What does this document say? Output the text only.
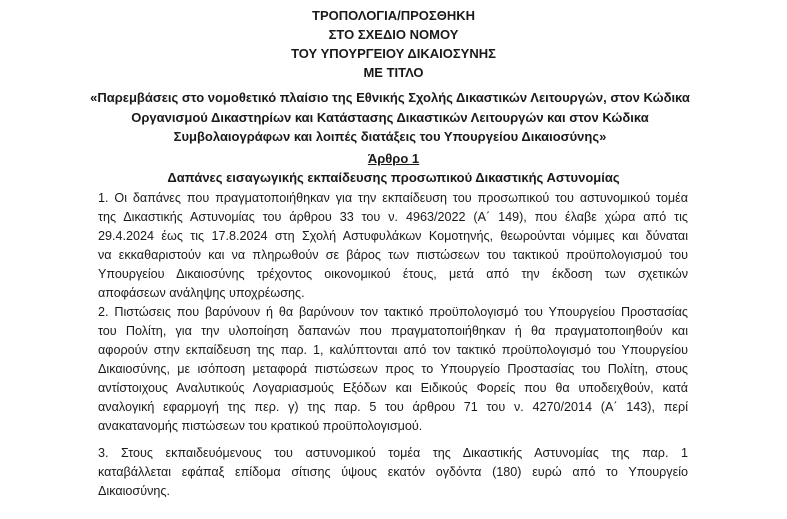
ΤΡΟΠΟΛΟΓΙΑ/ΠΡΟΣΘΗΚΗ
ΣΤΟ ΣΧΕΔΙΟ ΝΟΜΟΥ
ΤΟΥ ΥΠΟΥΡΓΕΙΟΥ ΔΙΚΑΙΟΣΥΝΗΣ
ΜΕ ΤΙΤΛΟ
«Παρεμβάσεις στο νομοθετικό πλαίσιο της Εθνικής Σχολής Δικαστικών Λειτουργών, στον Κώδικα
Οργανισμού Δικαστηρίων και Κατάστασης Δικαστικών Λειτουργών και στον Κώδικα
Συμβολαιογράφων και λοιπές διατάξεις του Υπουργείου Δικαιοσύνης»
Άρθρο 1
Δαπάνες εισαγωγικής εκπαίδευσης προσωπικού Δικαστικής Αστυνομίας
1. Οι δαπάνες που πραγματοποιήθηκαν για την εκπαίδευση του προσωπικού του αστυνομικού τομέα
της Δικαστικής Αστυνομίας του άρθρου 33 του ν. 4963/2022 (Α΄ 149), που έλαβε χώρα από τις
29.4.2024 έως τις 17.8.2024 στη Σχολή Αστυφυλάκων Κομοτηνής, θεωρούνται νόμιμες και δύναται
να εκκαθαριστούν και να πληρωθούν σε βάρος των πιστώσεων του τακτικού προϋπολογισμού του
Υπουργείου Δικαιοσύνης τρέχοντος οικονομικού έτους, μετά από την έκδοση των σχετικών
αποφάσεων ανάληψης υποχρέωσης.
2. Πιστώσεις που βαρύνουν ή θα βαρύνουν τον τακτικό προϋπολογισμό του Υπουργείου Προστασίας
του Πολίτη, για την υλοποίηση δαπανών που πραγματοποιήθηκαν ή θα πραγματοποιηθούν και
αφορούν στην εκπαίδευση της παρ. 1, καλύπτονται από τον τακτικό προϋπολογισμό του Υπουργείου
Δικαιοσύνης, με ισόποση μεταφορά πιστώσεων προς το Υπουργείο Προστασίας του Πολίτη, στους
αντίστοιχους Αναλυτικούς Λογαριασμούς Εξόδων και Ειδικούς Φορείς που θα υποδειχθούν, κατά
αναλογική εφαρμογή της περ. γ) της παρ. 5 του άρθρου 71 του ν. 4270/2014 (Α΄ 143), περί
ανακατανομής πιστώσεων του κρατικού προϋπολογισμού.
3. Στους εκπαιδευόμενους του αστυνομικού τομέα της Δικαστικής Αστυνομίας της παρ. 1
καταβάλλεται εφάπαξ επίδομα σίτισης ύψους εκατόν ογδόντα (180) ευρώ από το Υπουργείο
Δικαιοσύνης.
